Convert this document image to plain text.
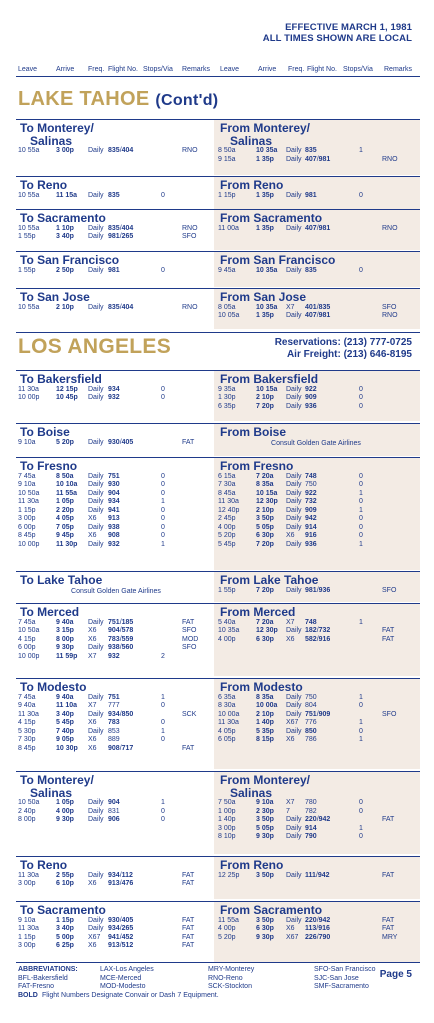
EFFECTIVE MARCH 1, 1981
ALL TIMES SHOWN ARE LOCAL
Leave	Arrive Freq. Flight No. Stops/Via Remarks Leave	Arrive Freq. Flight No. Stops/Via Remarks
LAKE TAHOE (Cont'd)
LOS ANGELES	Reservations: (213) 777-0725
Air Freight: (213) 646-8195
To Monterey/
Salinas
10 55a 3 00p Daily 835/404	RNO
From Monterey/
Salinas
8 50a	10 35a Daily 835	1
9 15a	1 35p Daily 407/981	RNO
To Reno
10 55a 11 15a Daily 835	0
From Reno
1 15p	1 35p Daily 981	0
To Sacramento
10 55a 1 10p Daily 835/404	RNO
1 55p	3 40p Daily 981/265	SFO
From Sacramento
11 00a 1 35p Daily 407/981	RNO
To San Francisco
1 55p	2 50p Daily 981	0
From San Francisco
9 45a	10 35a Daily 835	0
To San Jose
10 55a 2 10p Daily 835/404	RNO
From San Jose
8 05a	10 35a X7 401/835	SFO
10 05a 1 35p Daily 407/981	RNO
To Bakersfield
11 30a 12 15p Daily 934	0
10 00p 10 45p Daily 932	0
From Bakersfield
9 35a	10 15a Daily 922	0
1 30p	2 10p Daily 909	0
6 35p	7 20p Daily 936	0
To Boise
9 10a	5 20p Daily 930/405	FAT
From Boise
Consult Golden Gate Airlines
To Fresno
7 45a	8 50a Daily 751	0
9 10a	10 10a Daily 930	0
10 50a 11 55a Daily 904	0
11 30a 1 05p Daily 934	1
1 15p	2 20p Daily 941	0
3 00p	4 05p X6 913	0
6 00p	7 05p Daily 938	0
8 45p	9 45p X6 908	0
10 00p 11 30p Daily 932	1
From Fresno
6 15a	7 20a Daily 748	0
7 30a	8 35a Daily 750	0
8 45a	10 15a Daily 922	1
11 30a 12 30p Daily 732	0
12 40p 2 10p Daily 909	1
2 45p	3 50p Daily 942	0
4 00p	5 05p Daily 914	0
5 20p	6 30p X6 916	0
5 45p	7 20p Daily 936	1
To Lake Tahoe
Consult Golden Gate Airlines
From Lake Tahoe
1 55p	7 20p Daily 981/936	SFO
To Merced
7 45a	9 40a Daily 751/185	FAT
10 50a 3 15p X6 904/578	SFO
4 15p	8 00p X6 783/559	MOD
6 00p	9 30p Daily 938/560	SFO
10 00p 11 59p X7 932	2
From Merced
5 40a	7 20a X7 748	1
10 35a 12 30p Daily 182/732	FAT
4 00p	6 30p X6 582/916	FAT
To Modesto
7 45a	9 40a Daily 751	1
9 40a	11 10a X7 777	0
11 30a 3 40p Daily 934/850	SCK
4 15p	5 45p X6 783	0
5 30p	7 40p Daily 853	1
7 30p	9 05p X6 889	0
8 45p	10 30p X6 908/717	FAT
From Modesto
6 35a	8 35a Daily 750	1
8 30a	10 00a Daily 804	0
10 00a 2 10p Daily 751/909	SFO
11 30a 1 40p X67 776	1
4 05p	5 35p Daily 850	0
6 05p	8 15p X6 786	1
To Monterey/
Salinas
10 50a 1 05p Daily 904	1
2 40p	4 00p Daily 831	0
8 00p	9 30p Daily 906	0
From Monterey/
Salinas
7 50a	9 10a X7 780	0
1 00p	2 30p 7 782	0
1 40p	3 50p Daily 220/942	FAT
3 00p	5 05p Daily 914	1
8 10p	9 30p Daily 790	0
To Reno
11 30a 2 55p Daily 934/112	FAT
3 00p	6 10p X6 913/476	FAT
From Reno
12 25p 3 50p Daily 111/942	FAT
To Sacramento
9 10a	1 15p Daily 930/405	FAT
11 30a 3 40p Daily 934/265	FAT
1 15p	5 00p X67 941/452	FAT
3 00p	6 25p X6 913/512	FAT
From Sacramento
11 55a 3 50p Daily 220/942	FAT
4 00p	6 30p X6 113/916	FAT
5 20p	9 30p X67 226/790	MRY
ABBREVIATIONS:	LAX-Los Angeles	MRY-Monterey	SFO-San Francisco
BFL-Bakersfield	MCE-Merced	RNO-Reno	SJC-San Jose
FAT-Fresno	MOD-Modesto	SCK-Stockton	SMF-Sacramento
BOLD Flight Numbers Designate Convair or Dash 7 Equipment.
Page 5
